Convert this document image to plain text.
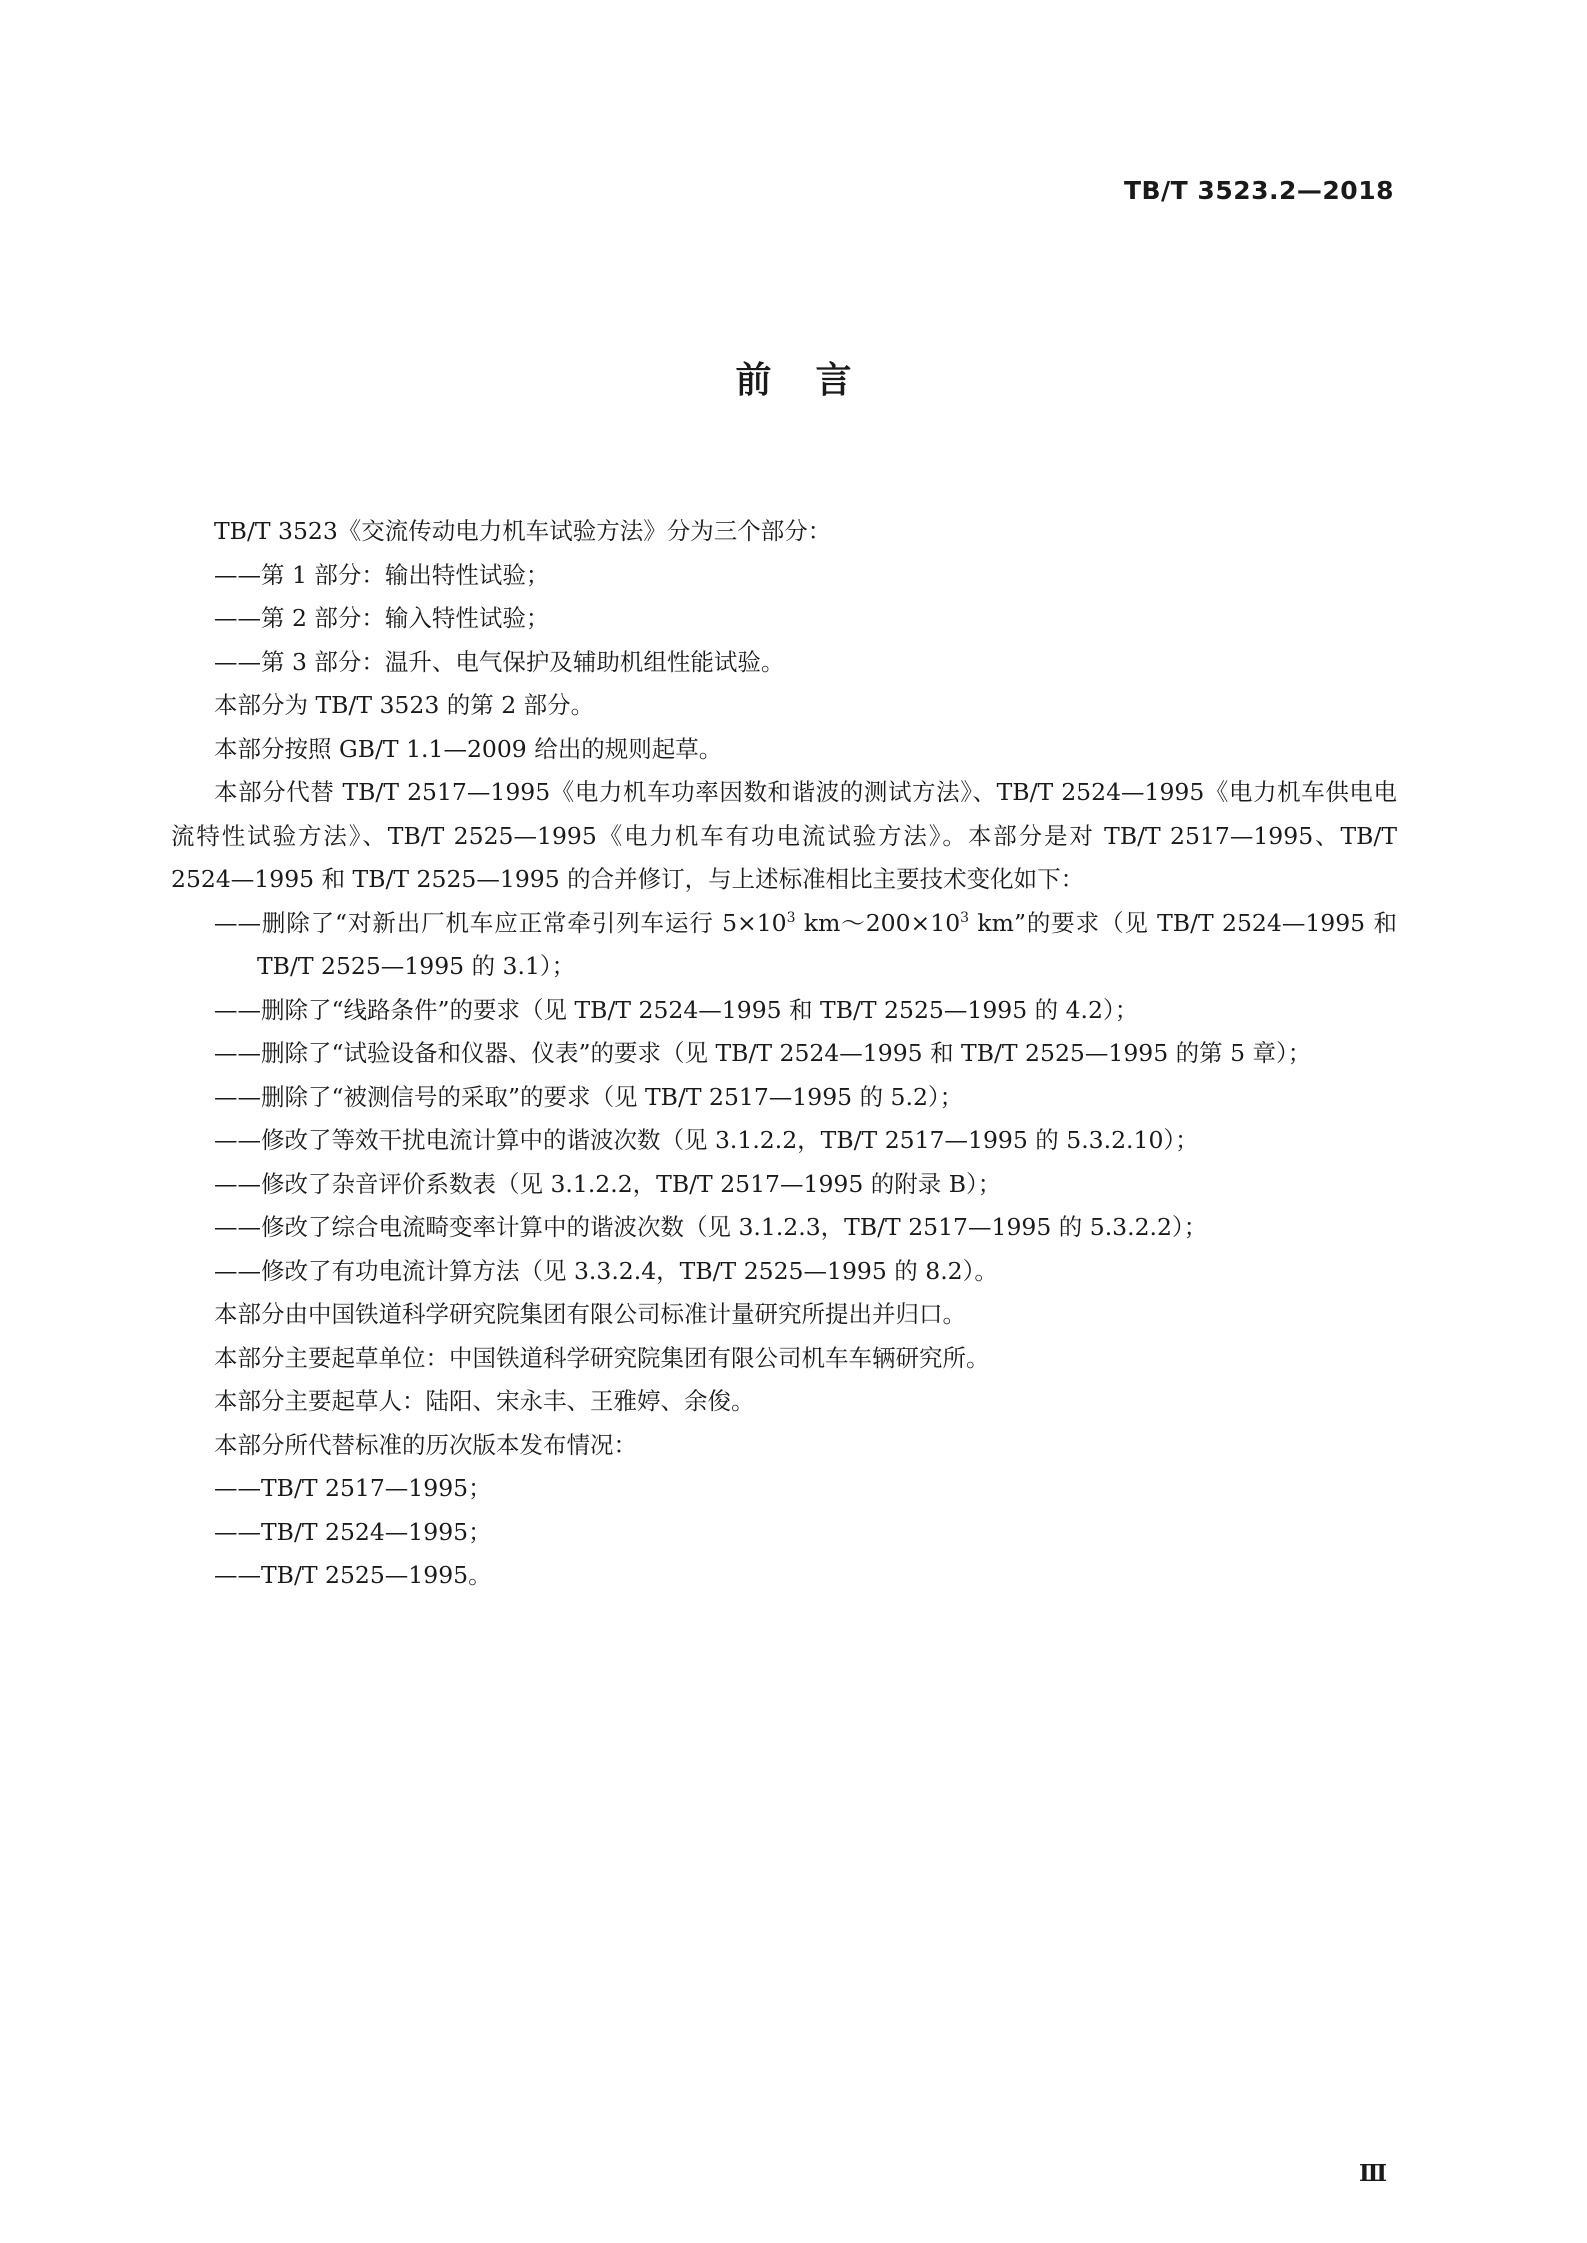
TB/T 3523.2—2018
前言

TB/T 3523《交流传动电力机车试验方法》分为三个部分：

——第 1 部分：输出特性试验；

——第 2 部分：输入特性试验；

——第 3 部分：温升、电气保护及辅助机组性能试验。

本部分为 TB/T 3523 的第 2 部分。

本部分按照 GB/T 1.1—2009 给出的规则起草。

本部分代替 TB/T 2517—1995《电力机车功率因数和谐波的测试方法》、TB/T 2524—1995《电力机车供电电流特性试验方法》、TB/T 2525—1995《电力机车有功电流试验方法》。本部分是对 TB/T 2517—1995、TB/T 2524—1995 和 TB/T 2525—1995 的合并修订，与上述标准相比主要技术变化如下：

——删除了“对新出厂机车应正常牵引列车运行 $5\times 10^3$ $km\sim 200\times 10^3$ km”的要求（见 TB/T 2524—1995 和 TB/T 2525—1995 的 3.1）；

——删除了“线路条件”的要求（见 TB/T 2524—1995 和 TB/T 2525—1995 的 4.2）；

——删除了“试验设备和仪器、仪表”的要求（见 TB/T 2524—1995 和 TB/T 2525—1995 的第 5 章）；

——删除了“被测信号的采取”的要求（见 TB/T 2517—1995 的 5.2）；

——修改了等效干扰电流计算中的谐波次数（见 3.1.2.2，TB/T 2517—1995 的 5.3.2.10）；

——修改了杂音评价系数表（见 3.1.2.2，TB/T 2517—1995 的附录 B）；

——修改了综合电流畸变率计算中的谐波次数（见 3.1.2.3，TB/T 2517—1995 的 5.3.2.2）；

——修改了有功电流计算方法（见 3.3.2.4，TB/T 2525—1995 的 8.2）。

本部分由中国铁道科学研究院集团有限公司标准计量研究所提出并归口。

本部分主要起草单位：中国铁道科学研究院集团有限公司机车车辆研究所。

本部分主要起草人：陆阳、宋永丰、王雅婷、余俊。

本部分所代替标准的历次版本发布情况：

——TB/T 2517—1995；

——TB/T 2524—1995；

——TB/T 2525—1995。

Ⅲ
